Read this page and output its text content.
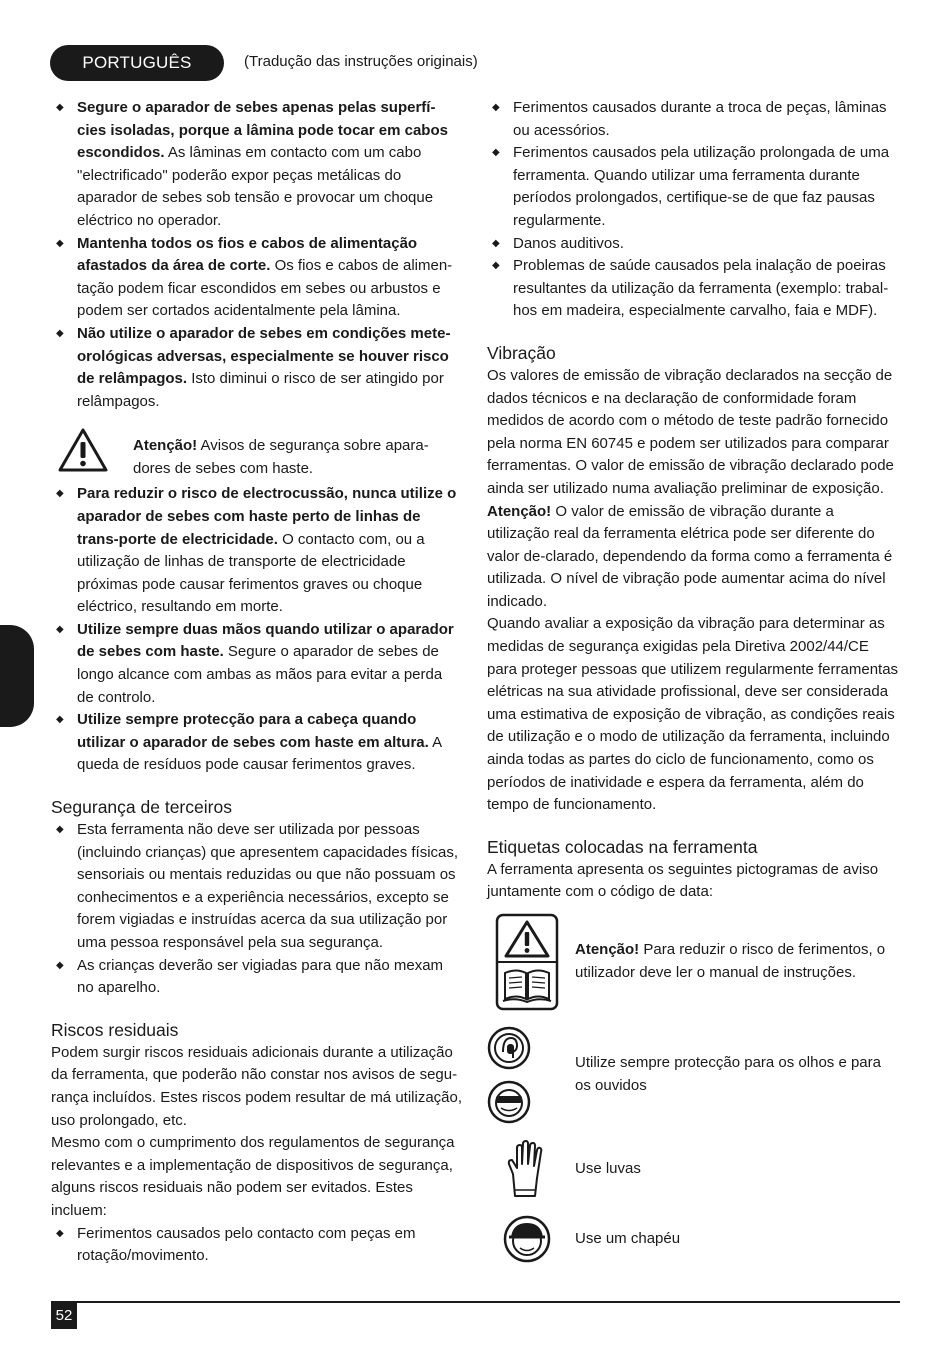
PORTUGUÊS	(Tradução das instruções originais)
◆ Segure o aparador de sebes apenas pelas superfí-cies isoladas, porque a lâmina pode tocar em cabos escondidos. As lâminas em contacto com um cabo "electrificado" poderão expor peças metálicas do aparador de sebes sob tensão e provocar um choque eléctrico no operador.
◆ Mantenha todos os fios e cabos de alimentação afastados da área de corte. Os fios e cabos de alimen-tação podem ficar escondidos em sebes ou arbustos e podem ser cortados acidentalmente pela lâmina.
◆ Não utilize o aparador de sebes em condições mete-orológicas adversas, especialmente se houver risco de relâmpagos. Isto diminui o risco de ser atingido por relâmpagos.
Atenção! Avisos de segurança sobre apara-dores de sebes com haste.
◆ Para reduzir o risco de electrocussão, nunca utilize o aparador de sebes com haste perto de linhas de trans-porte de electricidade. O contacto com, ou a utilização de linhas de transporte de electricidade próximas pode causar ferimentos graves ou choque eléctrico, resultando em morte.
◆ Utilize sempre duas mãos quando utilizar o aparador de sebes com haste. Segure o aparador de sebes de longo alcance com ambas as mãos para evitar a perda de controlo.
◆ Utilize sempre protecção para a cabeça quando utilizar o aparador de sebes com haste em altura. A queda de resíduos pode causar ferimentos graves.
Segurança de terceiros
◆ Esta ferramenta não deve ser utilizada por pessoas (incluindo crianças) que apresentem capacidades físicas, sensoriais ou mentais reduzidas ou que não possuam os conhecimentos e a experiência necessários, excepto se forem vigiadas e instruídas acerca da sua utilização por uma pessoa responsável pela sua segurança.
◆ As crianças deverão ser vigiadas para que não mexam no aparelho.
Riscos residuais

Podem surgir riscos residuais adicionais durante a utilização da ferramenta, que poderão não constar nos avisos de segu-rança incluídos. Estes riscos podem resultar de má utilização, uso prolongado, etc.

Mesmo com o cumprimento dos regulamentos de segurança relevantes e a implementação de dispositivos de segurança, alguns riscos residuais não podem ser evitados. Estes incluem:

◆ Ferimentos causados pelo contacto com peças em rotação/movimento.
◆ Ferimentos causados durante a troca de peças, lâminas ou acessórios.
◆ Ferimentos causados pela utilização prolongada de uma ferramenta. Quando utilizar uma ferramenta durante períodos prolongados, certifique-se de que faz pausas regularmente.
◆ Danos auditivos.
◆ Problemas de saúde causados pela inalação de poeiras resultantes da utilização da ferramenta (exemplo: trabal-hos em madeira, especialmente carvalho, faia e MDF).
Vibração

Os valores de emissão de vibração declarados na secção de dados técnicos e na declaração de conformidade foram medidos de acordo com o método de teste padrão fornecido pela norma EN 60745 e podem ser utilizados para comparar ferramentas. O valor de emissão de vibração declarado pode ainda ser utilizado numa avaliação preliminar de exposição.

Atenção! O valor de emissão de vibração durante a utilização real da ferramenta elétrica pode ser diferente do valor de-clarado, dependendo da forma como a ferramenta é utilizada. O nível de vibração pode aumentar acima do nível indicado.

Quando avaliar a exposição da vibração para determinar as medidas de segurança exigidas pela Diretiva 2002/44/CE para proteger pessoas que utilizem regularmente ferramentas elétricas na sua atividade profissional, deve ser considerada uma estimativa de exposição de vibração, as condições reais de utilização e o modo de utilização da ferramenta, incluindo ainda todas as partes do ciclo de funcionamento, como os períodos de inatividade e espera da ferramenta, além do tempo de funcionamento.

Etiquetas colocadas na ferramenta

A ferramenta apresenta os seguintes pictogramas de aviso juntamente com o código de data:

Atenção! Para reduzir o risco de ferimentos, o utilizador deve ler o manual de instruções.
Utilize sempre protecção para os olhos e para os ouvidos
Use luvas
Use um chapéu
52
